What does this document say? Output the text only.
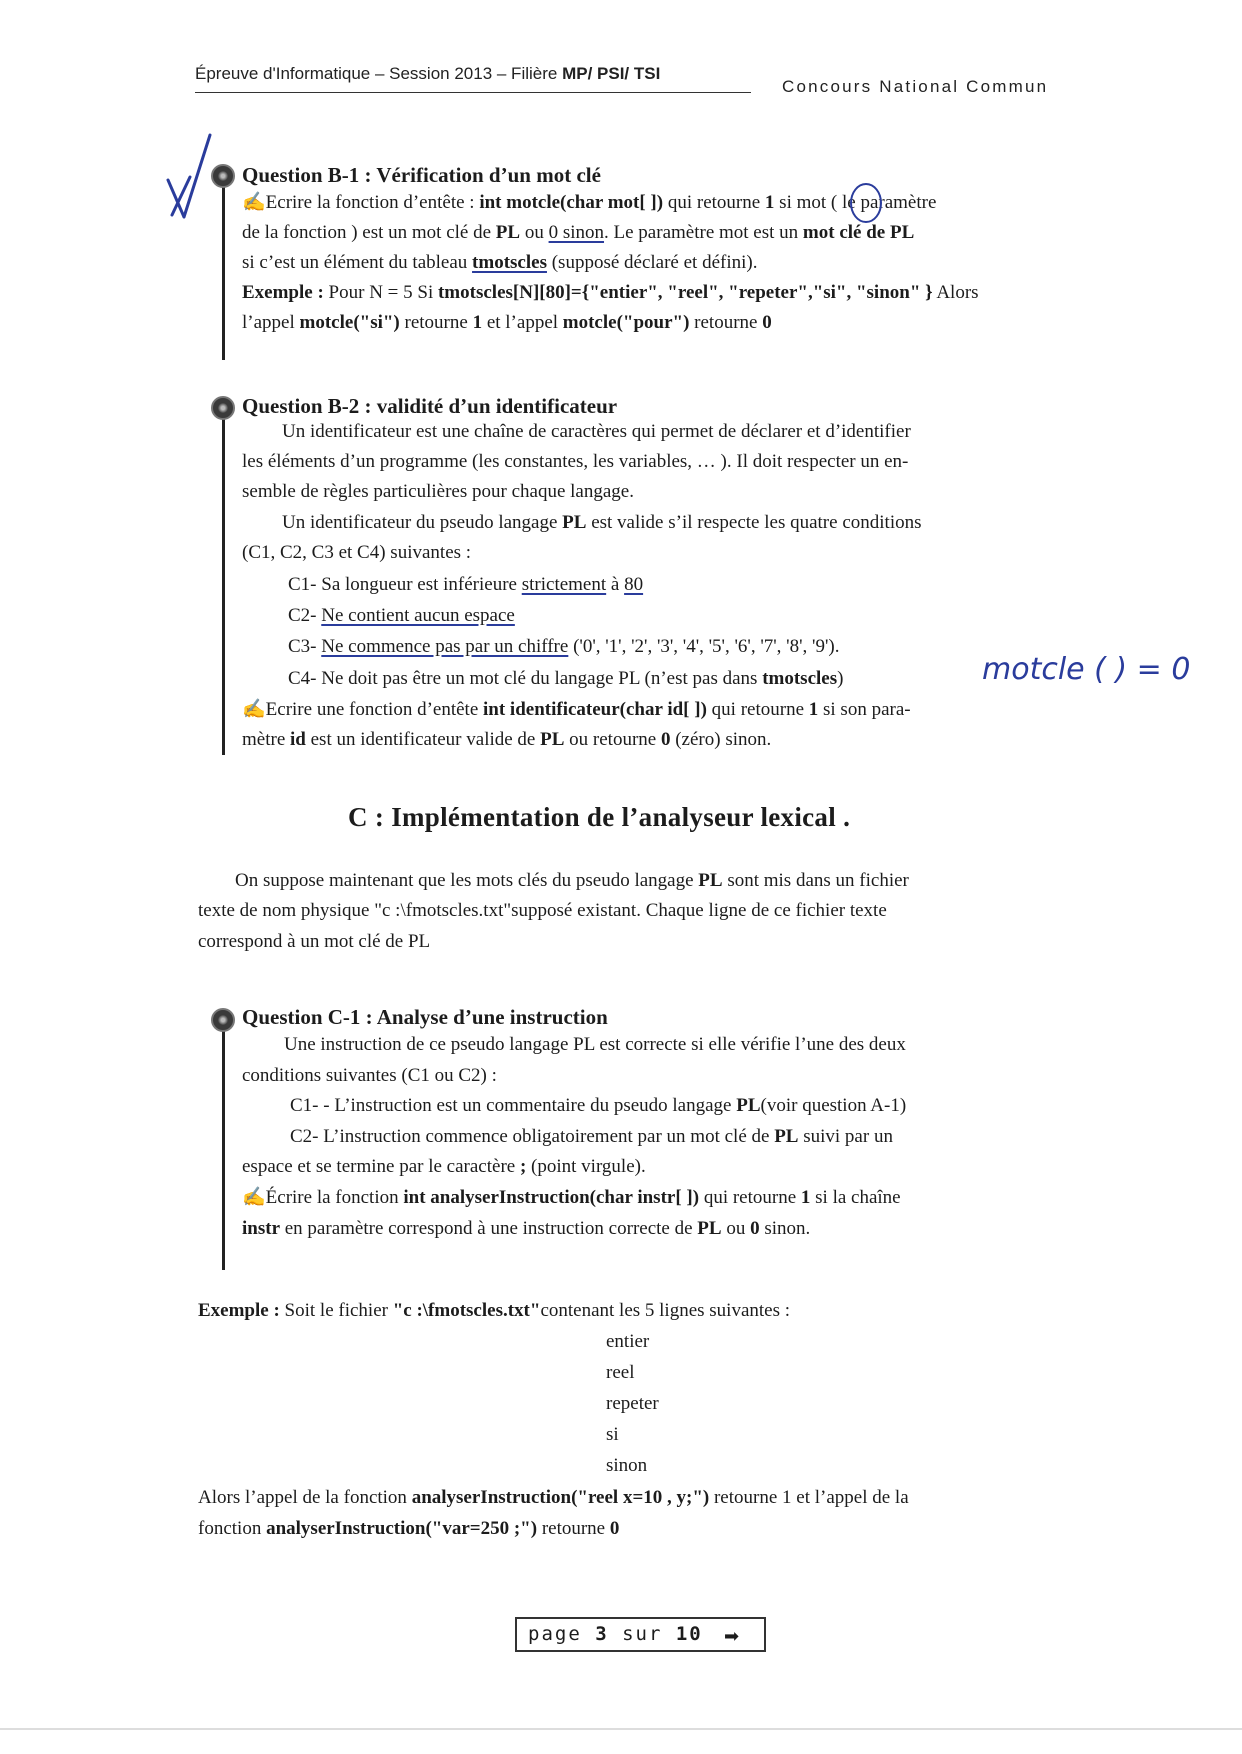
Épreuve d'Informatique – Session 2013 – Filière MP/ PSI/ TSI
Concours National Commun
Question B-1 : Vérification d’un mot clé
✍Ecrire la fonction d’entête : int motcle(char mot[ ]) qui retourne 1 si mot ( le paramètre
de la fonction ) est un mot clé de PL ou 0 sinon. Le paramètre mot est un mot clé de PL
si c’est un élément du tableau tmotscles (supposé déclaré et défini).
Exemple : Pour N = 5 Si tmotscles[N][80]={"entier", "reel", "repeter","si", "sinon" } Alors
l’appel motcle("si") retourne 1 et l’appel motcle("pour") retourne 0
Question B-2 : validité d’un identificateur
Un identificateur est une chaîne de caractères qui permet de déclarer et d’identifier
les éléments d’un programme (les constantes, les variables, … ). Il doit respecter un en-
semble de règles particulières pour chaque langage.
Un identificateur du pseudo langage PL est valide s’il respecte les quatre conditions
(C1, C2, C3 et C4) suivantes :
C1- Sa longueur est inférieure strictement à 80
C2- Ne contient aucun espace
C3- Ne commence pas par un chiffre ('0', '1', '2', '3', '4', '5', '6', '7', '8', '9').
C4- Ne doit pas être un mot clé du langage PL (n’est pas dans tmotscles)	motcle ( ) = 0
✍Ecrire une fonction d’entête int identificateur(char id[ ]) qui retourne 1 si son para-
mètre id est un identificateur valide de PL ou retourne 0 (zéro) sinon.
C : Implémentation de l’analyseur lexical .
On suppose maintenant que les mots clés du pseudo langage PL sont mis dans un fichier
texte de nom physique "c :\fmotscles.txt"supposé existant. Chaque ligne de ce fichier texte
correspond à un mot clé de PL
Question C-1 : Analyse d’une instruction
Une instruction de ce pseudo langage PL est correcte si elle vérifie l’une des deux
conditions suivantes (C1 ou C2) :
C1- - L’instruction est un commentaire du pseudo langage PL(voir question A-1)
C2- L’instruction commence obligatoirement par un mot clé de PL suivi par un
espace et se termine par le caractère ; (point virgule).
✍Écrire la fonction int analyserInstruction(char instr[ ]) qui retourne 1 si la chaîne
instr en paramètre correspond à une instruction correcte de PL ou 0 sinon.
Exemple : Soit le fichier "c :\fmotscles.txt"contenant les 5 lignes suivantes :
entier
reel
repeter
si
sinon
Alors l’appel de la fonction analyserInstruction("reel x=10 , y;") retourne 1 et l’appel de la
fonction analyserInstruction("var=250 ;") retourne 0
page 3 sur 10 ➡
